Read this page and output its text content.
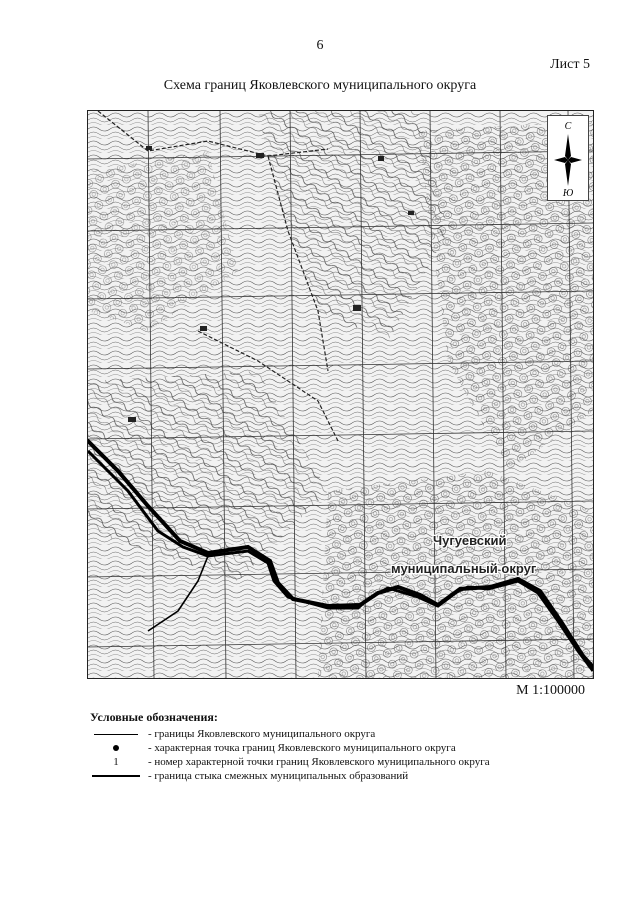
6
Лист 5
Схема границ Яковлевского муниципального округа
Чугуевский муниципальный округ
С
Ю
М 1:100000
Условные обозначения:
- границы Яковлевского муниципального округа
- характерная точка границ Яковлевского муниципального округа
1	- номер характерной точки границ Яковлевского муниципального округа
- граница стыка смежных муниципальных образований
